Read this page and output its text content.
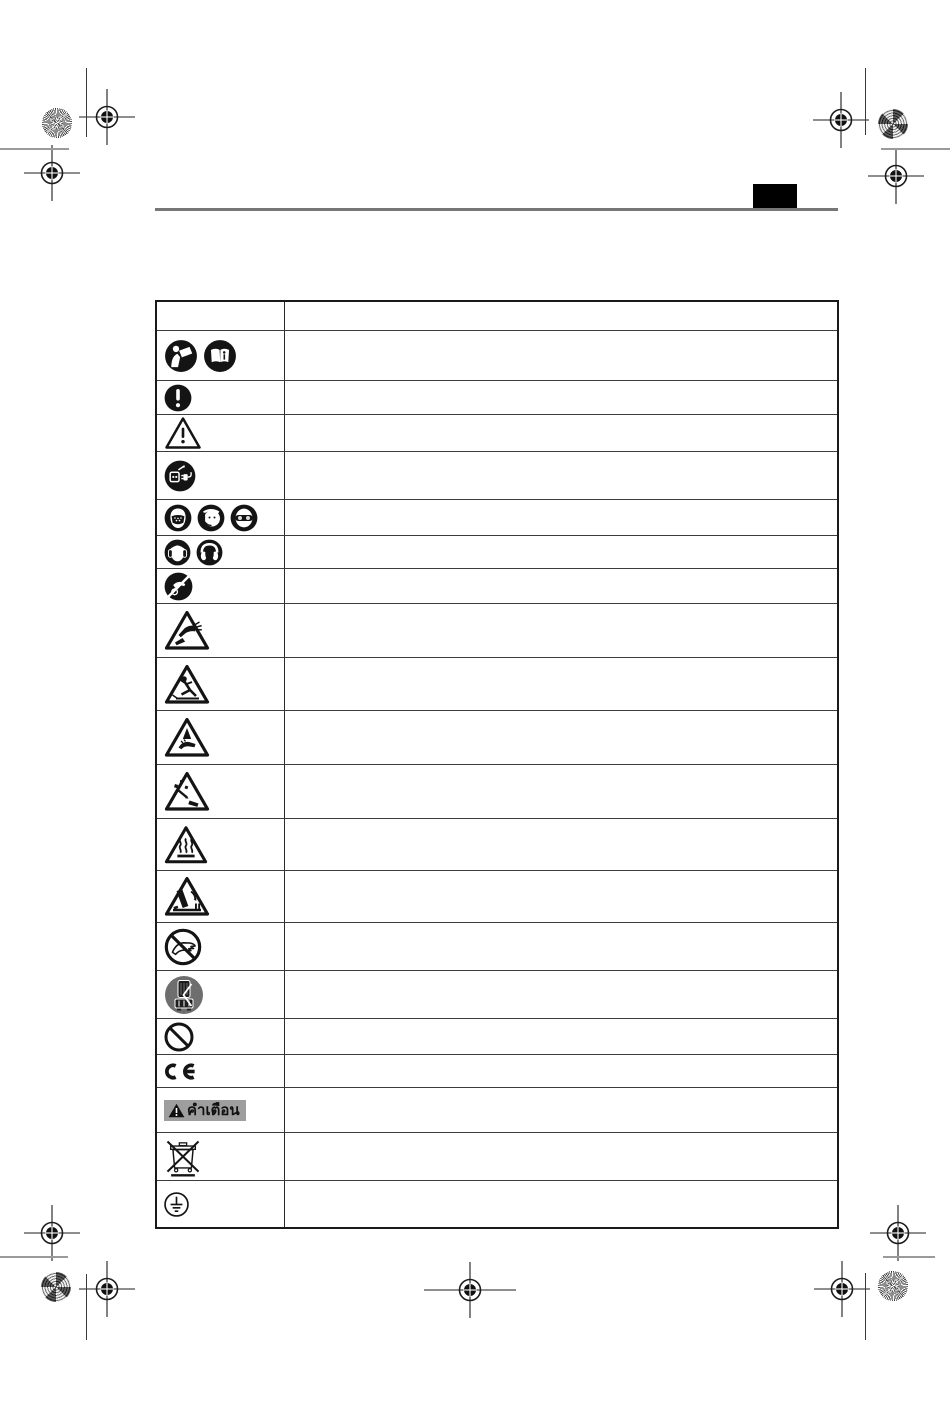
คำเตือน
